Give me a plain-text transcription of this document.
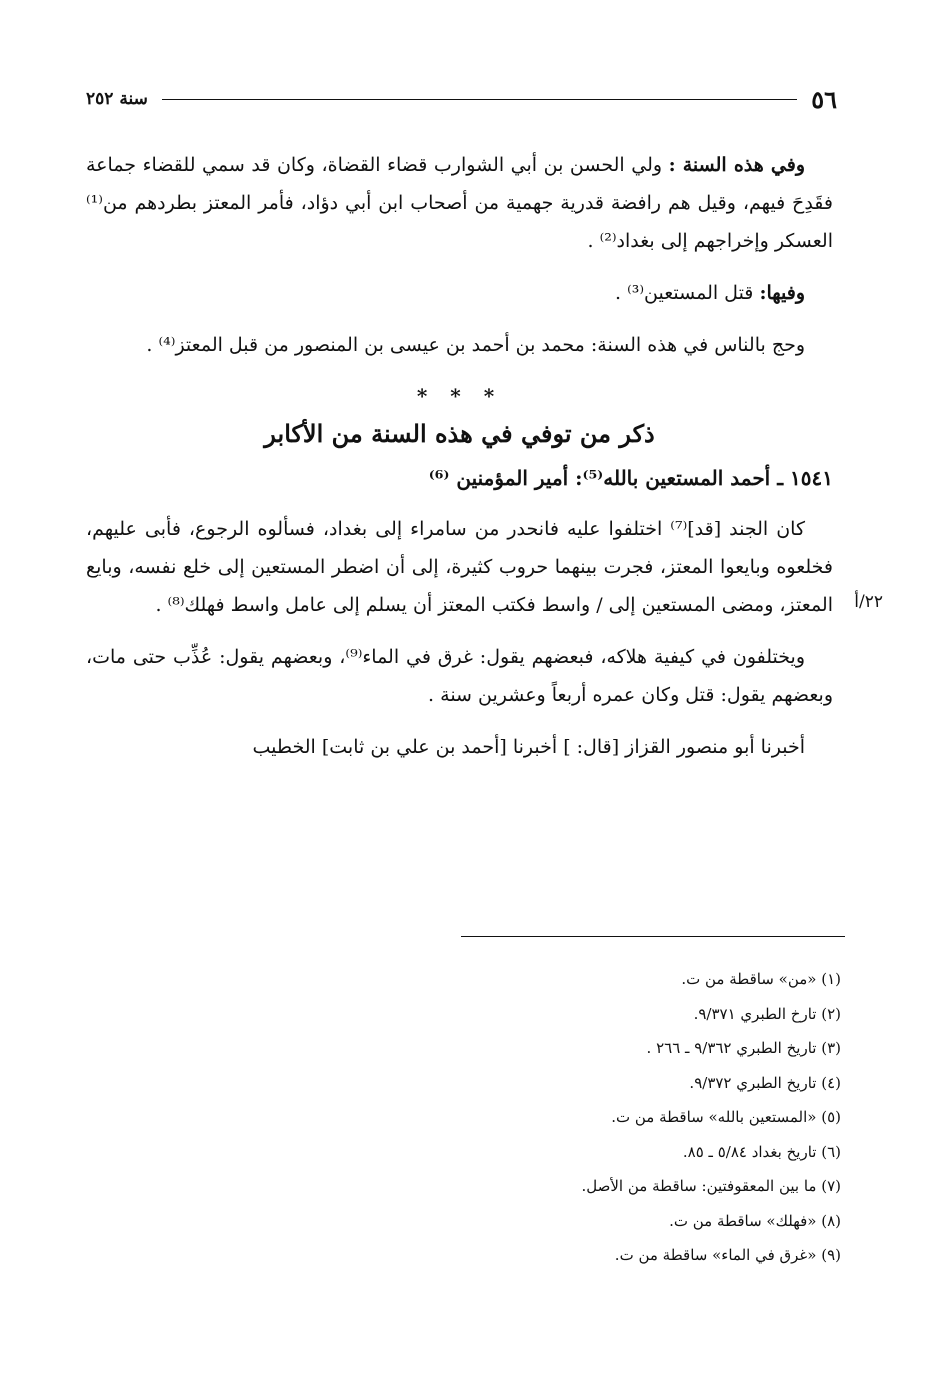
٥٦
سنة ٢٥٢

وفي هذه السنة : ولي الحسن بن أبي الشوارب قضاء القضاة، وكان قد سمي للقضاء جماعة فقَدِحَ فيهم، وقيل هم رافضة قدرية جهمية من أصحاب ابن أبي دؤاد، فأمر المعتز بطردهم من⁽¹⁾ العسكر وإخراجهم إلى بغداد⁽²⁾ .

وفيها: قتل المستعين⁽³⁾ .

وحج بالناس في هذه السنة: محمد بن أحمد بن عيسى بن المنصور من قبل المعتز⁽⁴⁾ .

* * *
ذكر من توفي في هذه السنة من الأكابر
١٥٤١ ـ أحمد المستعين بالله⁽⁵⁾: أمير المؤمنين ⁽⁶⁾

كان الجند [قد]⁽⁷⁾ اختلفوا عليه فانحدر من سامراء إلى بغداد، فسألوه الرجوع، فأبى عليهم، فخلعوه وبايعوا المعتز، فجرت بينهما حروب كثيرة، إلى أن اضطر المستعين إلى خلع نفسه، وبايع المعتز، ومضى المستعين إلى / واسط فكتب المعتز أن يسلم إلى عامل واسط فهلك⁽⁸⁾ .

ويختلفون في كيفية هلاكه، فبعضهم يقول: غرق في الماء⁽⁹⁾، وبعضهم يقول: عُذِّب حتى مات، وبعضهم يقول: قتل وكان عمره أربعاً وعشرين سنة .

أخبرنا أبو منصور القزاز [قال: ] أخبرنا [أحمد بن علي بن ثابت] الخطيب

٢٢/أ
(١) «من» ساقطة من ت.
(٢) تارخ الطبري ٩/٣٧١.
(٣) تاريخ الطبري ٩/٣٦٢ ـ ٢٦٦ .
(٤) تاريخ الطبري ٩/٣٧٢.
(٥) «المستعين بالله» ساقطة من ت.
(٦) تاريخ بغداد ٥/٨٤ ـ ٨٥.
(٧) ما بين المعقوفتين: ساقطة من الأصل.
(٨) «فهلك» ساقطة من ت.
(٩) «غرق في الماء» ساقطة من ت.
